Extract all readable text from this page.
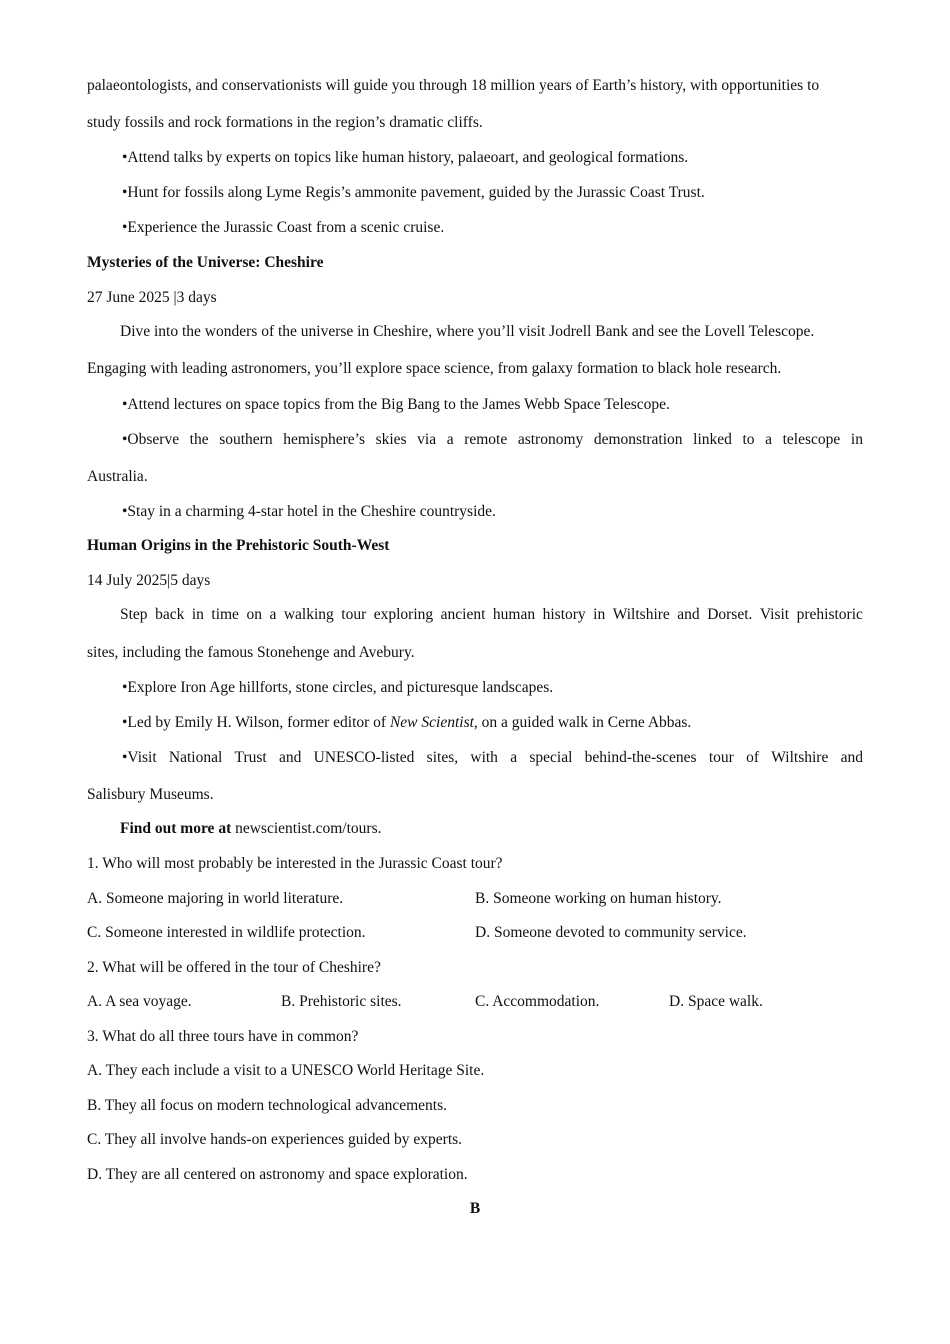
palaeontologists, and conservationists will guide you through 18 million years of Earth’s history, with opportunities to
study fossils and rock formations in the region’s dramatic cliffs.
•Attend talks by experts on topics like human history, palaeoart, and geological formations.
•Hunt for fossils along Lyme Regis’s ammonite pavement, guided by the Jurassic Coast Trust.
•Experience the Jurassic Coast from a scenic cruise.
Mysteries of the Universe: Cheshire
27 June 2025 |3 days
Dive into the wonders of the universe in Cheshire, where you’ll visit Jodrell Bank and see the Lovell Telescope.
Engaging with leading astronomers, you’ll explore space science, from galaxy formation to black hole research.
•Attend lectures on space topics from the Big Bang to the James Webb Space Telescope.
•Observe the southern hemisphere’s skies via a remote astronomy demonstration linked to a telescope in
Australia.
•Stay in a charming 4-star hotel in the Cheshire countryside.
Human Origins in the Prehistoric South-West
14 July 2025|5 days
Step back in time on a walking tour exploring ancient human history in Wiltshire and Dorset. Visit prehistoric
sites, including the famous Stonehenge and Avebury.
•Explore Iron Age hillforts, stone circles, and picturesque landscapes.
•Led by Emily H. Wilson, former editor of New Scientist, on a guided walk in Cerne Abbas.
•Visit National Trust and UNESCO-listed sites, with a special behind-the-scenes tour of Wiltshire and
Salisbury Museums.
Find out more at newscientist.com/tours.
1. Who will most probably be interested in the Jurassic Coast tour?
A. Someone majoring in world literature.	B. Someone working on human history.
C. Someone interested in wildlife protection.	D. Someone devoted to community service.
2. What will be offered in the tour of Cheshire?
A. A sea voyage.	B. Prehistoric sites.	C. Accommodation.	D. Space walk.
3. What do all three tours have in common?
A. They each include a visit to a UNESCO World Heritage Site.
B. They all focus on modern technological advancements.
C. They all involve hands-on experiences guided by experts.
D. They are all centered on astronomy and space exploration.
B
